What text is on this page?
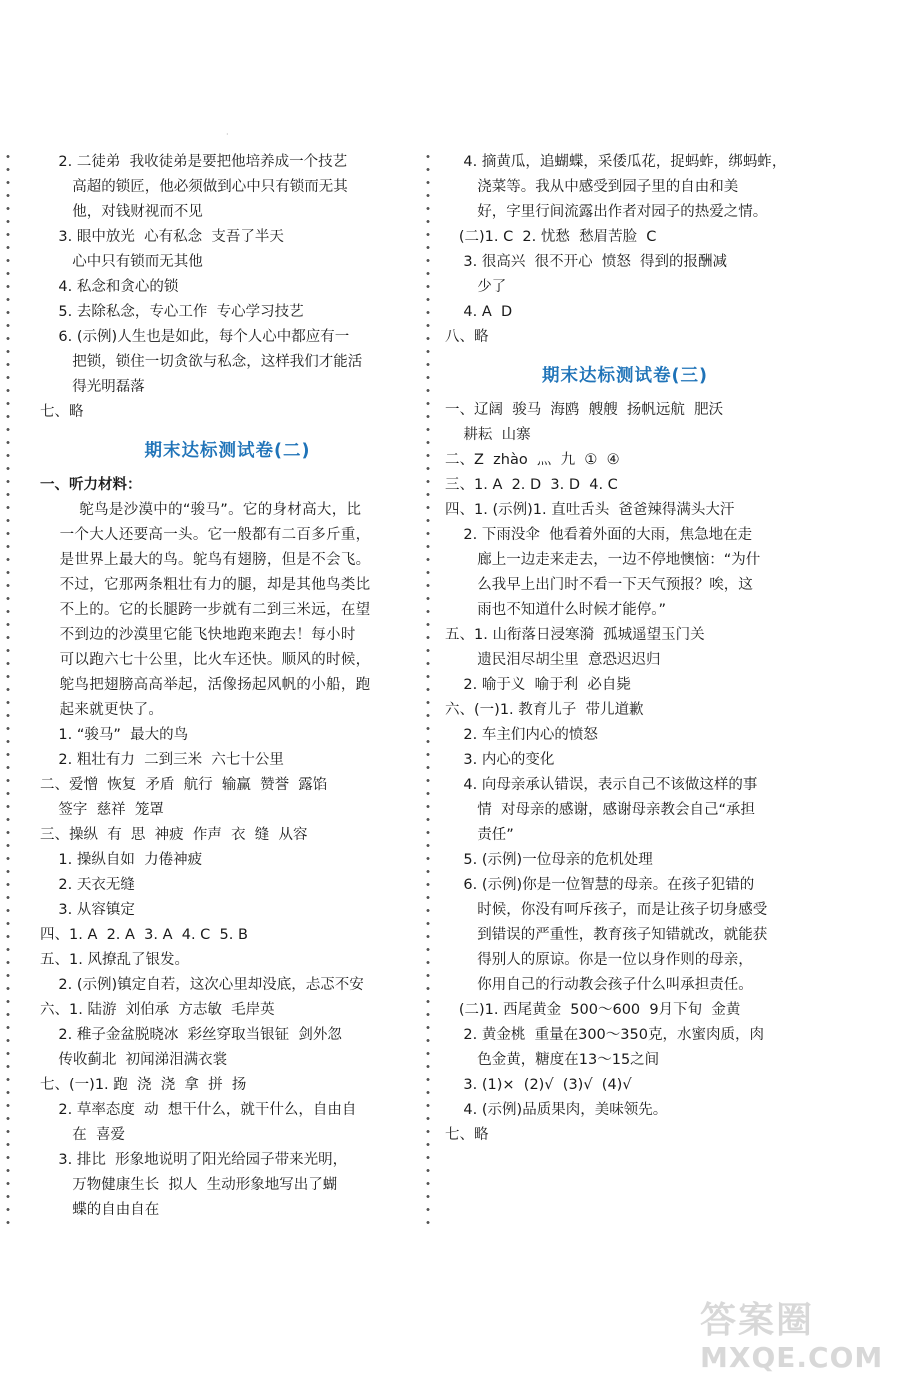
·
2. 二徒弟  我收徒弟是要把他培养成一个技艺
高超的锁匠，他必须做到心中只有锁而无其
他，对钱财视而不见
3. 眼中放光  心有私念  支吾了半天
心中只有锁而无其他
4. 私念和贪心的锁
5. 去除私念，专心工作  专心学习技艺
6. (示例)人生也是如此，每个人心中都应有一
把锁，锁住一切贪欲与私念，这样我们才能活
得光明磊落
七、略
期末达标测试卷(二)
一、听力材料：
鸵鸟是沙漠中的“骏马”。它的身材高大，比
一个大人还要高一头。它一般都有二百多斤重，
是世界上最大的鸟。鸵鸟有翅膀，但是不会飞。
不过，它那两条粗壮有力的腿，却是其他鸟类比
不上的。它的长腿跨一步就有二到三米远，在望
不到边的沙漠里它能飞快地跑来跑去！每小时
可以跑六七十公里，比火车还快。顺风的时候，
鸵鸟把翅膀高高举起，活像扬起风帆的小船，跑
起来就更快了。
1. “骏马”  最大的鸟
2. 粗壮有力  二到三米  六七十公里
二、爱憎  恢复  矛盾  航行  输赢  赞誉  露馅
签字  慈祥  笼罩
三、操纵  有  思  神疲  作声  衣  缝  从容
1. 操纵自如  力倦神疲
2. 天衣无缝
3. 从容镇定
四、1. A  2. A  3. A  4. C  5. B
五、1. 风撩乱了银发。
2. (示例)镇定自若，这次心里却没底，忐忑不安
六、1. 陆游  刘伯承  方志敏  毛岸英
2. 稚子金盆脱晓冰  彩丝穿取当银钲  剑外忽
传收蓟北  初闻涕泪满衣裳
七、(一)1. 跑  浇  浇  拿  拼  扬
2. 草率态度  动  想干什么，就干什么，自由自
在  喜爱
3. 排比  形象地说明了阳光给园子带来光明，
万物健康生长  拟人  生动形象地写出了蝴
蝶的自由自在
4. 摘黄瓜，追蝴蝶，采倭瓜花，捉蚂蚱，绑蚂蚱，
浇菜等。我从中感受到园子里的自由和美
好，字里行间流露出作者对园子的热爱之情。
(二)1. C  2. 忧愁  愁眉苦脸  C
3. 很高兴  很不开心  愤怒  得到的报酬减
少了
4. A  D
八、略
期末达标测试卷(三)
一、辽阔  骏马  海鸥  艘艘  扬帆远航  肥沃
耕耘  山寨
二、Z  zhào  灬  九  ①  ④
三、1. A  2. D  3. D  4. C
四、1. (示例)1. 直吐舌头  爸爸辣得满头大汗
2. 下雨没伞  他看着外面的大雨，焦急地在走
廊上一边走来走去，一边不停地懊恼：“为什
么我早上出门时不看一下天气预报？唉，这
雨也不知道什么时候才能停。”
五、1. 山衔落日浸寒漪  孤城遥望玉门关
遗民泪尽胡尘里  意恐迟迟归
2. 喻于义  喻于利  必自毙
六、(一)1. 教育儿子  带儿道歉
2. 车主们内心的愤怒
3. 内心的变化
4. 向母亲承认错误，表示自己不该做这样的事
情  对母亲的感谢，感谢母亲教会自己“承担
责任”
5. (示例)一位母亲的危机处理
6. (示例)你是一位智慧的母亲。在孩子犯错的
时候，你没有呵斥孩子，而是让孩子切身感受
到错误的严重性，教育孩子知错就改，就能获
得别人的原谅。你是一位以身作则的母亲，
你用自己的行动教会孩子什么叫承担责任。
(二)1. 西尾黄金  500～600  9月下旬  金黄
2. 黄金桃  重量在300～350克，水蜜肉质，肉
色金黄，糖度在13～15之间
3. (1)×  (2)√  (3)√  (4)√
4. (示例)品质果肉，美味领先。
七、略
答案圈
MXQE.COM
